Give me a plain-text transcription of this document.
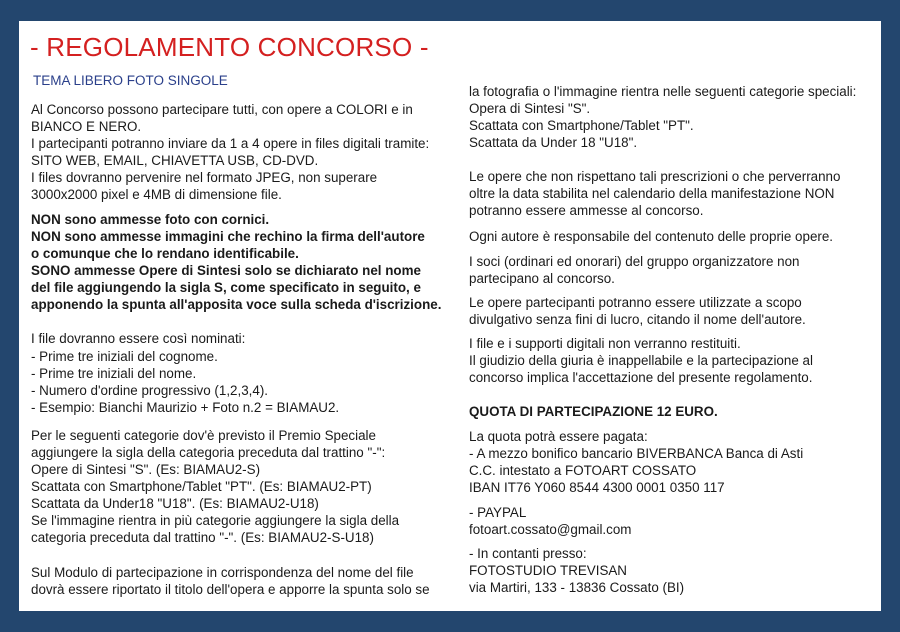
- REGOLAMENTO CONCORSO -
TEMA LIBERO FOTO SINGOLE

Al Concorso possono partecipare tutti, con opere a COLORI e in

BIANCO E NERO.

I partecipanti potranno inviare da 1 a 4 opere in files digitali tramite:

SITO WEB, EMAIL, CHIAVETTA USB, CD-DVD.

I files dovranno pervenire nel formato JPEG, non superare

3000x2000 pixel e 4MB di dimensione file.

NON sono ammesse foto con cornici.

NON sono ammesse immagini che rechino la firma dell'autore

o comunque che lo rendano identificabile.

SONO ammesse Opere di Sintesi solo se dichiarato nel nome

del file aggiungendo la sigla S, come specificato in seguito, e

apponendo la spunta all'apposita voce sulla scheda d'iscrizione.

I file dovranno essere così nominati:

- Prime tre iniziali del cognome.

- Prime tre iniziali del nome.

- Numero d'ordine progressivo (1,2,3,4).

- Esempio: Bianchi Maurizio + Foto n.2 = BIAMAU2.

Per le seguenti categorie dov'è previsto il Premio Speciale

aggiungere la sigla della categoria preceduta dal trattino "-":

Opere di Sintesi "S". (Es: BIAMAU2-S)

Scattata con Smartphone/Tablet "PT". (Es: BIAMAU2-PT)

Scattata da Under18 "U18". (Es: BIAMAU2-U18)

Se l'immagine rientra in più categorie aggiungere la sigla della

categoria preceduta dal trattino "-". (Es: BIAMAU2-S-U18)

Sul Modulo di partecipazione in corrispondenza del nome del file

dovrà essere riportato il titolo dell'opera e apporre la spunta solo se

la fotografia o l'immagine rientra nelle seguenti categorie speciali:

Opera di Sintesi "S".

Scattata con Smartphone/Tablet "PT".

Scattata da Under 18 "U18".

Le opere che non rispettano tali prescrizioni o che perverranno

oltre la data stabilita nel calendario della manifestazione NON

potranno essere ammesse al concorso.

Ogni autore è responsabile del contenuto delle proprie opere.

I soci (ordinari ed onorari) del gruppo organizzatore non

partecipano al concorso.

Le opere partecipanti potranno essere utilizzate a scopo

divulgativo senza fini di lucro, citando il nome dell'autore.

I file e i supporti digitali non verranno restituiti.

Il giudizio della giuria è inappellabile e la partecipazione al

concorso implica l'accettazione del presente regolamento.

QUOTA DI PARTECIPAZIONE 12 EURO.

La quota potrà essere pagata:

- A mezzo bonifico bancario BIVERBANCA Banca di Asti

C.C. intestato a FOTOART COSSATO

IBAN IT76 Y060 8544 4300 0001 0350 117

- PAYPAL

fotoart.cossato@gmail.com

- In contanti presso:

FOTOSTUDIO TREVISAN

via Martiri, 133 - 13836 Cossato (BI)
